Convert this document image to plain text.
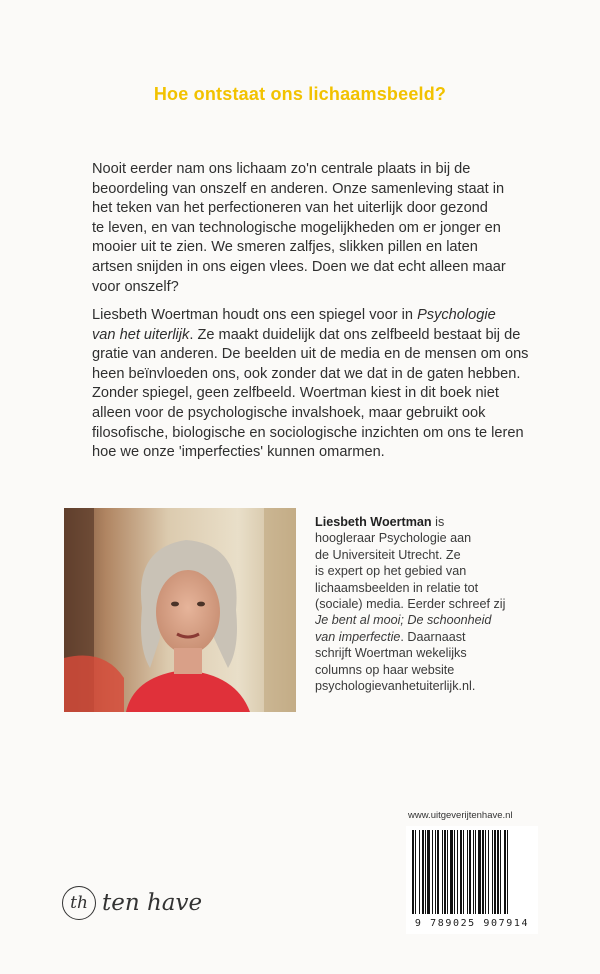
Hoe ontstaat ons lichaamsbeeld?
Nooit eerder nam ons lichaam zo'n centrale plaats in bij de
beoordeling van onszelf en anderen. Onze samenleving staat in
het teken van het perfectioneren van het uiterlijk door gezond
te leven, en van technologische mogelijkheden om er jonger en
mooier uit te zien. We smeren zalfjes, slikken pillen en laten
artsen snijden in ons eigen vlees. Doen we dat echt alleen maar
voor onszelf?
Liesbeth Woertman houdt ons een spiegel voor in Psychologie
van het uiterlijk. Ze maakt duidelijk dat ons zelfbeeld bestaat bij de
gratie van anderen. De beelden uit de media en de mensen om ons
heen beïnvloeden ons, ook zonder dat we dat in de gaten hebben.
Zonder spiegel, geen zelfbeeld. Woertman kiest in dit boek niet
alleen voor de psychologische invalshoek, maar gebruikt ook
filosofische, biologische en sociologische inzichten om ons te leren
hoe we onze 'imperfecties' kunnen omarmen.
Liesbeth Woertman is
hoogleraar Psychologie aan
de Universiteit Utrecht. Ze
is expert op het gebied van
lichaamsbeelden in relatie tot
(sociale) media. Eerder schreef zij
Je bent al mooi; De schoonheid
van imperfectie. Daarnaast
schrijft Woertman wekelijks
columns op haar website
psychologievanhetuiterlijk.nl.
www.uitgeverijtenhave.nl
9 789025 907914
th ten have
